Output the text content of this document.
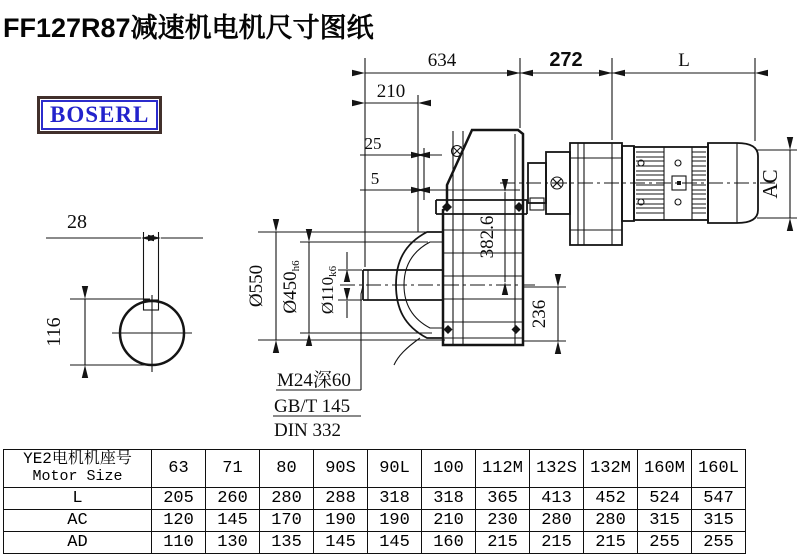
FF127R87减速机电机尺寸图纸
BOSERL
28
116
634	272	L
210
25
5
Ø550 Ø450h6
Ø110k6
382.6
236
AC
M24深60
GB/T 145
DIN 332
YE2电机机座号
Motor Size	63	71	80	90S	90L	100	112M	132S	132M	160M	160L
L	205	260	280	288	318	318	365	413	452	524	547
AC	120	145	170	190	190	210	230	280	280	315	315
AD	110	130	135	145	145	160	215	215	215	255	255
